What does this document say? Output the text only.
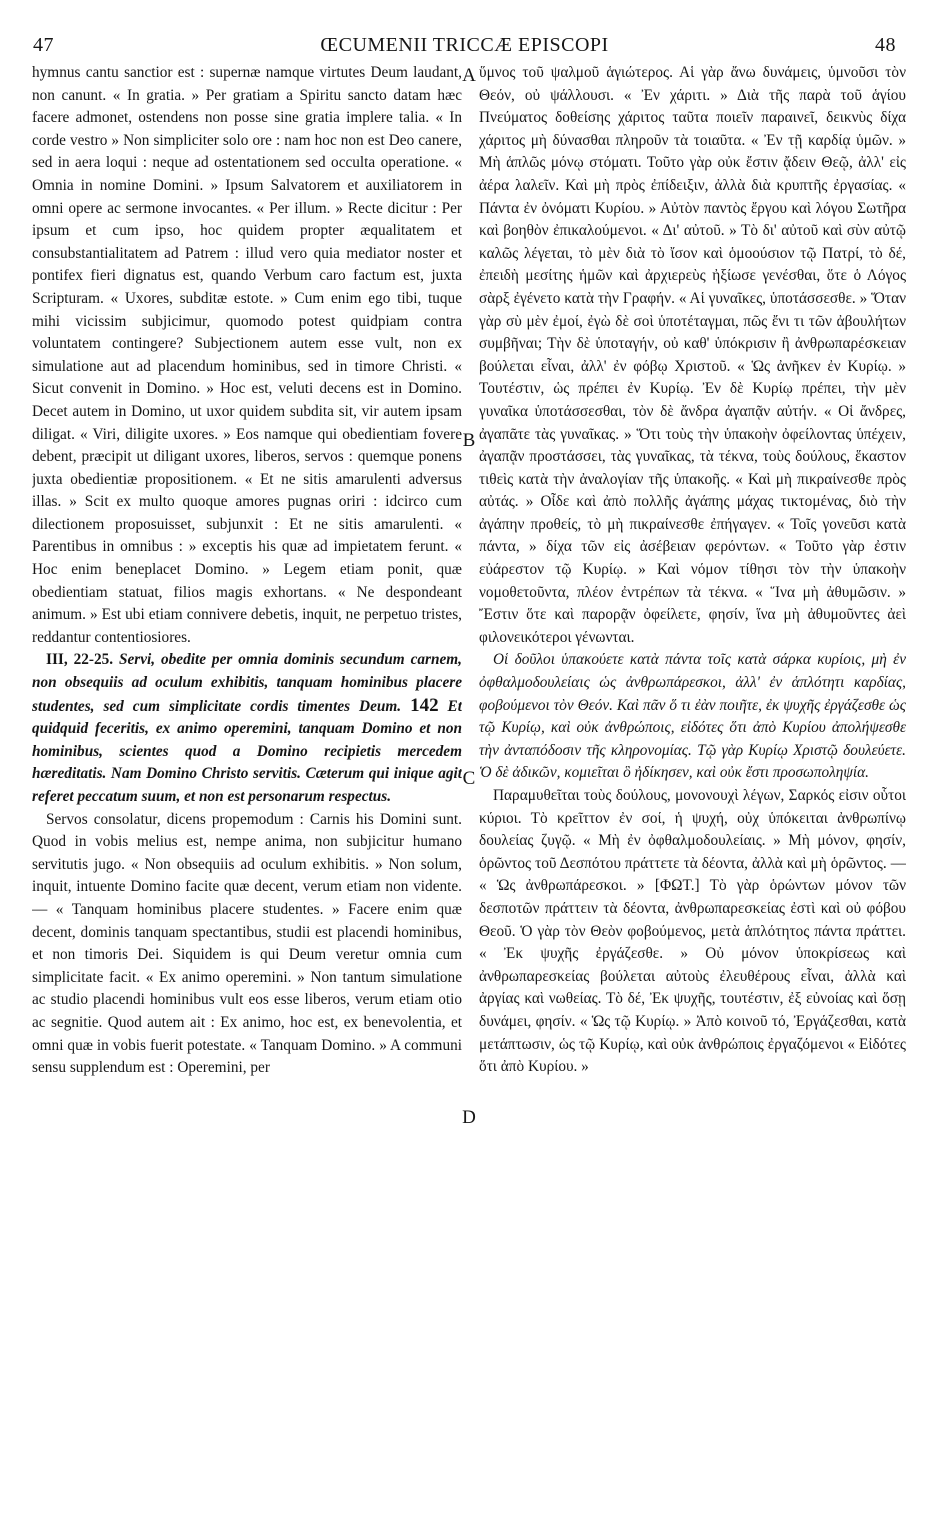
47	ŒCUMENII TRICCÆ EPISCOPI	48

hymnus cantu sanctior est : supernæ namque virtutes Deum laudant, non canunt. « In gratia. » Per gratiam a Spiritu sancto datam hæc facere admonet, ostendens non posse sine gratia implere talia. « In corde vestro » Non simpliciter solo ore : nam hoc non est Deo canere, sed in aera loqui : neque ad ostentationem sed occulta operatione. « Omnia in nomine Domini. » Ipsum Salvatorem et auxiliatorem in omni opere ac sermone invocantes. « Per illum. » Recte dicitur : Per ipsum et cum ipso, hoc quidem propter æqualitatem et consubstantialitatem ad Patrem : illud vero quia mediator noster et pontifex fieri dignatus est, quando Verbum caro factum est, juxta Scripturam. « Uxores, subditæ estote. » Cum enim ego tibi, tuque mihi vicissim subjicimur, quomodo potest quidpiam contra voluntatem contingere? Subjectionem autem esse vult, non ex simulatione aut ad placendum hominibus, sed in timore Christi. « Sicut convenit in Domino. » Hoc est, veluti decens est in Domino. Decet autem in Domino, ut uxor quidem subdita sit, vir autem ipsam diligat. « Viri, diligite uxores. » Eos namque qui obedientiam fovere debent, præcipit ut diligant uxores, liberos, servos : quemque ponens juxta obedientiæ propositionem. « Et ne sitis amarulenti adversus illas. » Scit ex multo quoque amores pugnas oriri : idcirco cum dilectionem proposuisset, subjunxit : Et ne sitis amarulenti. « Parentibus in omnibus : » exceptis his quæ ad impietatem ferunt. « Hoc enim beneplacet Domino. » Legem etiam ponit, quæ obedientiam statuat, filios magis exhortans. « Ne despondeant animum. » Est ubi etiam connivere debetis, inquit, ne perpetuo tristes, reddantur contentiosiores.

III, 22-25. Servi, obedite per omnia dominis secundum carnem, non obsequiis ad oculum exhibitis, tanquam hominibus placere studentes, sed cum simplicitate cordis timentes Deum. 142 Et quidquid feceritis, ex animo operemini, tanquam Domino et non hominibus, scientes quod a Domino recipietis mercedem hæreditatis. Nam Domino Christo servitis. Cæterum qui inique agit referet peccatum suum, et non est personarum respectus.

Servos consolatur, dicens propemodum : Carnis his Domini sunt. Quod in vobis melius est, nempe anima, non subjicitur humano servitutis jugo. « Non obsequiis ad oculum exhibitis. » Non solum, inquit, intuente Domino facite quæ decent, verum etiam non vidente. — « Tanquam hominibus placere studentes. » Facere enim quæ decent, dominis tanquam spectantibus, studii est placendi hominibus, et non timoris Dei. Siquidem is qui Deum veretur omnia cum simplicitate facit. « Ex animo operemini. » Non tantum simulatione ac studio placendi hominibus vult eos esse liberos, verum etiam otio ac segnitie. Quod autem ait : Ex animo, hoc est, ex benevolentia, et omni quæ in vobis fuerit potestate. « Tanquam Domino. » A communi sensu supplendum est : Operemini, per

ὕμνος τοῦ ψαλμοῦ ἁγιώτερος. Αἱ γὰρ ἄνω δυνάμεις, ὑμνοῦσι τὸν Θεόν, οὐ ψάλλουσι. « Ἐν χάριτι. » Διὰ τῆς παρὰ τοῦ ἁγίου Πνεύματος δοθείσης χάριτος ταῦτα ποιεῖν παραινεῖ, δεικνὺς δίχα χάριτος μὴ δύνασθαι πληροῦν τὰ τοιαῦτα. « Ἐν τῇ καρδίᾳ ὑμῶν. » Μὴ ἁπλῶς μόνῳ στόματι. Τοῦτο γὰρ οὐκ ἔστιν ᾄδειν Θεῷ, ἀλλ' εἰς ἀέρα λαλεῖν. Καὶ μὴ πρὸς ἐπίδειξιν, ἀλλὰ διὰ κρυπτῆς ἐργασίας. « Πάντα ἐν ὀνόματι Κυρίου. » Αὐτὸν παντὸς ἔργου καὶ λόγου Σωτῆρα καὶ βοηθὸν ἐπικαλούμενοι. « Δι' αὐτοῦ. » Τὸ δι' αὐτοῦ καὶ σὺν αὐτῷ καλῶς λέγεται, τὸ μὲν διὰ τὸ ἴσον καὶ ὁμοούσιον τῷ Πατρί, τὸ δέ, ἐπειδὴ μεσίτης ἡμῶν καὶ ἀρχιερεὺς ἠξίωσε γενέσθαι, ὅτε ὁ Λόγος σὰρξ ἐγένετο κατὰ τὴν Γραφήν. « Αἱ γυναῖκες, ὑποτάσσεσθε. » Ὅταν γὰρ σὺ μὲν ἐμοί, ἐγὼ δὲ σοὶ ὑποτέταγμαι, πῶς ἔνι τι τῶν ἀβουλήτων συμβῆναι; Τὴν δὲ ὑποταγήν, οὐ καθ' ὑπόκρισιν ἢ ἀνθρωπαρέσκειαν βούλεται εἶναι, ἀλλ' ἐν φόβῳ Χριστοῦ. « Ὡς ἀνῆκεν ἐν Κυρίῳ. » Τουτέστιν, ὡς πρέπει ἐν Κυρίῳ. Ἐν δὲ Κυρίῳ πρέπει, τὴν μὲν γυναῖκα ὑποτάσσεσθαι, τὸν δὲ ἄνδρα ἀγαπᾷν αὐτήν. « Οἱ ἄνδρες, ἀγαπᾶτε τὰς γυναῖκας. » Ὅτι τοὺς τὴν ὑπακοὴν ὀφείλοντας ὑπέχειν, ἀγαπᾷν προστάσσει, τὰς γυναῖκας, τὰ τέκνα, τοὺς δούλους, ἕκαστον τιθεὶς κατὰ τὴν ἀναλογίαν τῆς ὑπακοῆς. « Καὶ μὴ πικραίνεσθε πρὸς αὐτάς. » Οἶδε καὶ ἀπὸ πολλῆς ἀγάπης μάχας τικτομένας, διὸ τὴν ἀγάπην προθείς, τὸ μὴ πικραίνεσθε ἐπήγαγεν. « Τοῖς γονεῦσι κατὰ πάντα, » δίχα τῶν εἰς ἀσέβειαν φερόντων. « Τοῦτο γὰρ ἐστιν εὐάρεστον τῷ Κυρίῳ. » Καὶ νόμον τίθησι τὸν τὴν ὑπακοὴν νομοθετοῦντα, πλέον ἐντρέπων τὰ τέκνα. « Ἵνα μὴ ἀθυμῶσιν. » Ἔστιν ὅτε καὶ παρορᾷν ὀφείλετε, φησίν, ἵνα μὴ ἀθυμοῦντες ἀεὶ φιλονεικότεροι γένωνται.

Οἱ δοῦλοι ὑπακούετε κατὰ πάντα τοῖς κατὰ σάρκα κυρίοις, μὴ ἐν ὀφθαλμοδουλείαις ὡς ἀνθρωπάρεσκοι, ἀλλ' ἐν ἁπλότητι καρδίας, φοβούμενοι τὸν Θεόν. Καὶ πᾶν ὅ τι ἐὰν ποιῆτε, ἐκ ψυχῆς ἐργάζεσθε ὡς τῷ Κυρίῳ, καὶ οὐκ ἀνθρώποις, εἰδότες ὅτι ἀπὸ Κυρίου ἀπολήψεσθε τὴν ἀνταπόδοσιν τῆς κληρονομίας. Τῷ γὰρ Κυρίῳ Χριστῷ δουλεύετε. Ὁ δὲ ἀδικῶν, κομιεῖται ὃ ἠδίκησεν, καὶ οὐκ ἔστι προσωποληψία.

Παραμυθεῖται τοὺς δούλους, μονονουχὶ λέγων, Σαρκός εἰσιν οὗτοι κύριοι. Τὸ κρεῖττον ἐν σοί, ἡ ψυχή, οὐχ ὑπόκειται ἀνθρωπίνῳ δουλείας ζυγῷ. « Μὴ ἐν ὀφθαλμοδουλείαις. » Μὴ μόνον, φησίν, ὁρῶντος τοῦ Δεσπότου πράττετε τὰ δέοντα, ἀλλὰ καὶ μὴ ὁρῶντος. — « Ὡς ἀνθρωπάρεσκοι. » [ΦΩΤ.] Τὸ γὰρ ὁρώντων μόνον τῶν δεσποτῶν πράττειν τὰ δέοντα, ἀνθρωπαρεσκείας ἐστὶ καὶ οὐ φόβου Θεοῦ. Ὁ γὰρ τὸν Θεὸν φοβούμενος, μετὰ ἁπλότητος πάντα πράττει. « Ἐκ ψυχῆς ἐργάζεσθε. » Οὐ μόνον ὑποκρίσεως καὶ ἀνθρωπαρεσκείας βούλεται αὐτοὺς ἐλευθέρους εἶναι, ἀλλὰ καὶ ἀργίας καὶ νωθείας. Τὸ δέ, Ἐκ ψυχῆς, τουτέστιν, ἐξ εὐνοίας καὶ ὅσῃ δυνάμει, φησίν. « Ὡς τῷ Κυρίῳ. » Ἀπὸ κοινοῦ τό, Ἐργάζεσθαι, κατὰ μετάπτωσιν, ὡς τῷ Κυρίῳ, καὶ οὐκ ἀνθρώποις ἐργαζόμενοι « Εἰδότες ὅτι ἀπὸ Κυρίου. »

A
B
C
D
